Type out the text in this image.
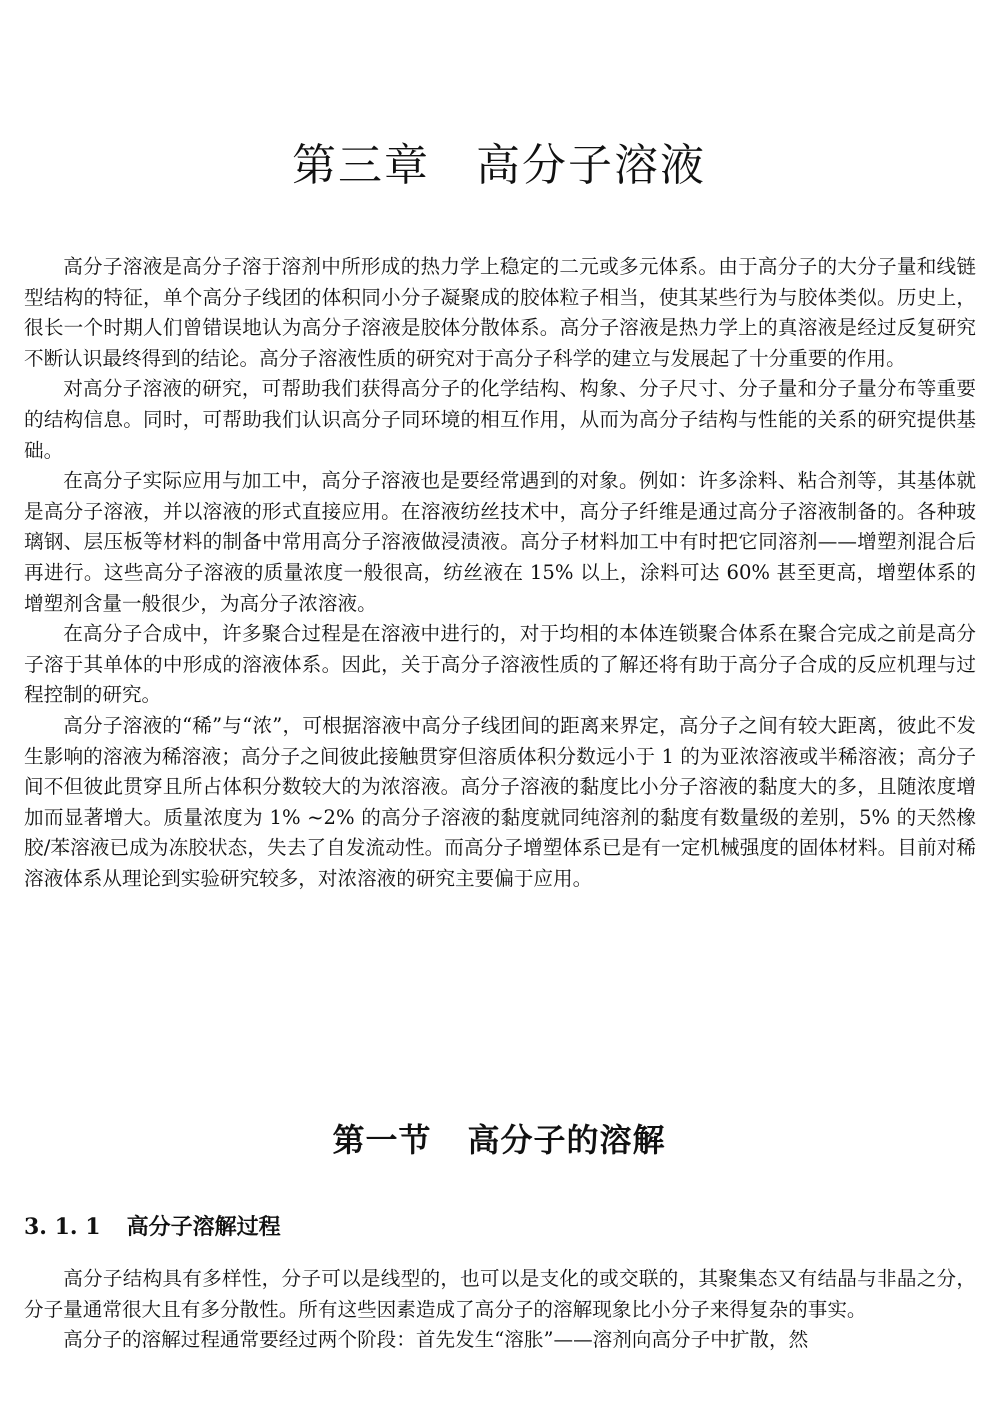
第三章 高分子溶液

高分子溶液是高分子溶于溶剂中所形成的热力学上稳定的二元或多元体系。由于高分子的大分子量和线链型结构的特征，单个高分子线团的体积同小分子凝聚成的胶体粒子相当，使其某些行为与胶体类似。历史上，很长一个时期人们曾错误地认为高分子溶液是胶体分散体系。高分子溶液是热力学上的真溶液是经过反复研究不断认识最终得到的结论。高分子溶液性质的研究对于高分子科学的建立与发展起了十分重要的作用。

对高分子溶液的研究，可帮助我们获得高分子的化学结构、构象、分子尺寸、分子量和分子量分布等重要的结构信息。同时，可帮助我们认识高分子同环境的相互作用，从而为高分子结构与性能的关系的研究提供基础。

在高分子实际应用与加工中，高分子溶液也是要经常遇到的对象。例如：许多涂料、粘合剂等，其基体就是高分子溶液，并以溶液的形式直接应用。在溶液纺丝技术中，高分子纤维是通过高分子溶液制备的。各种玻璃钢、层压板等材料的制备中常用高分子溶液做浸渍液。高分子材料加工中有时把它同溶剂——增塑剂混合后再进行。这些高分子溶液的质量浓度一般很高，纺丝液在 15% 以上，涂料可达 60% 甚至更高，增塑体系的增塑剂含量一般很少，为高分子浓溶液。

在高分子合成中，许多聚合过程是在溶液中进行的，对于均相的本体连锁聚合体系在聚合完成之前是高分子溶于其单体的中形成的溶液体系。因此，关于高分子溶液性质的了解还将有助于高分子合成的反应机理与过程控制的研究。

高分子溶液的“稀”与“浓”，可根据溶液中高分子线团间的距离来界定，高分子之间有较大距离，彼此不发生影响的溶液为稀溶液；高分子之间彼此接触贯穿但溶质体积分数远小于 1 的为亚浓溶液或半稀溶液；高分子间不但彼此贯穿且所占体积分数较大的为浓溶液。高分子溶液的黏度比小分子溶液的黏度大的多，且随浓度增加而显著增大。质量浓度为 1% ~2% 的高分子溶液的黏度就同纯溶剂的黏度有数量级的差别，5% 的天然橡胶/苯溶液已成为冻胶状态，失去了自发流动性。而高分子增塑体系已是有一定机械强度的固体材料。目前对稀溶液体系从理论到实验研究较多，对浓溶液的研究主要偏于应用。

第一节 高分子的溶解
3. 1. 1 高分子溶解过程

高分子结构具有多样性，分子可以是线型的，也可以是支化的或交联的，其聚集态又有结晶与非晶之分，分子量通常很大且有多分散性。所有这些因素造成了高分子的溶解现象比小分子来得复杂的事实。

高分子的溶解过程通常要经过两个阶段：首先发生“溶胀”——溶剂向高分子中扩散，然
